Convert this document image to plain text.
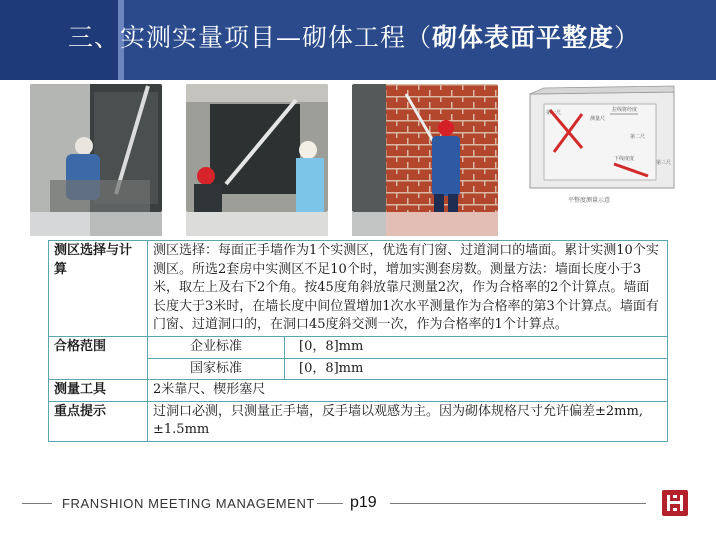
三、实测实量项目—砌体工程（砌体表面平整度）
第一尺
测量尺
拉线将经度
第二尺
第三尺
下线度度
平整度测量示意
测区选择与计算	测区选择：每面正手墙作为1个实测区，优选有门窗、过道洞口的墙面。累计实测10个实测区。所选2套房中实测区不足10个时，增加实测套房数。测量方法：墙面长度小于3米，取左上及右下2个角。按45度角斜放靠尺测量2次，作为合格率的2个计算点。墙面长度大于3米时，在墙长度中间位置增加1次水平测量作为合格率的第3个计算点。墙面有门窗、过道洞口的，在洞口45度斜交测一次，作为合格率的1个计算点。	
合格范围	企业标准	[0，8]mm
	国家标准	[0，8]mm
测量工具	2米靠尺、楔形塞尺	
重点提示	过洞口必测，只测量正手墙，反手墙以观感为主。因为砌体规格尺寸允许偏差±2mm, ±1.5mm	
FRANSHION MEETING MANAGEMENT p19
